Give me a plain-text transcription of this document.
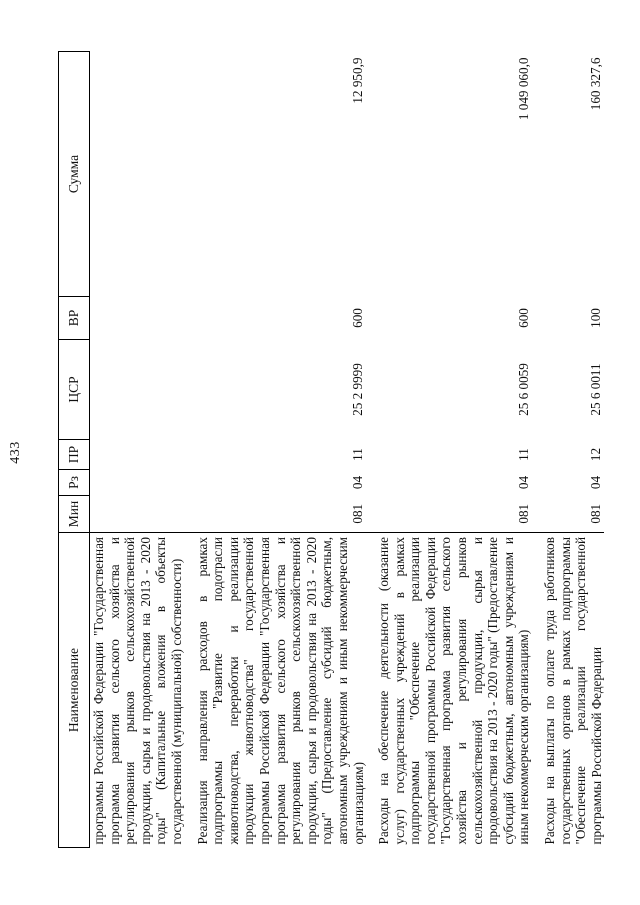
433
Наименование	Мин	Рз	ПР	ЦСР	ВР	Сумма
программы Российской Федерации "Государственная программа развития сельского хозяйства и регулирования рынков сельскохозяйственной продукции, сырья и продовольствия на 2013 - 2020 годы" (Капитальные вложения в объекты государственной (муниципальной) собственности)						
Реализация направления расходов в рамках подпрограммы "Развитие подотрасли животноводства, переработки и реализации продукции животноводства" государственной программы Российской Федерации "Государственная программа развития сельского хозяйства и регулирования рынков сельскохозяйственной продукции, сырья и продовольствия на 2013 - 2020 годы" (Предоставление субсидий бюджетным, автономным учреждениям и иным некоммерческим организациям)	081	04	11	25 2 9999	600	12 950,9
Расходы на обеспечение деятельности (оказание услуг) государственных учреждений в рамках подпрограммы "Обеспечение реализации государственной программы Российской Федерации "Государственная программа развития сельского хозяйства и регулирования рынков сельскохозяйственной продукции, сырья и продовольствия на 2013 - 2020 годы" (Предоставление субсидий бюджетным, автономным учреждениям и иным некоммерческим организациям)	081	04	11	25 6 0059	600	1 049 060,0
Расходы на выплаты по оплате труда работников государственных органов в рамках подпрограммы "Обеспечение реализации государственной программы Российской Федерации	081	04	12	25 6 0011	100	160 327,6
